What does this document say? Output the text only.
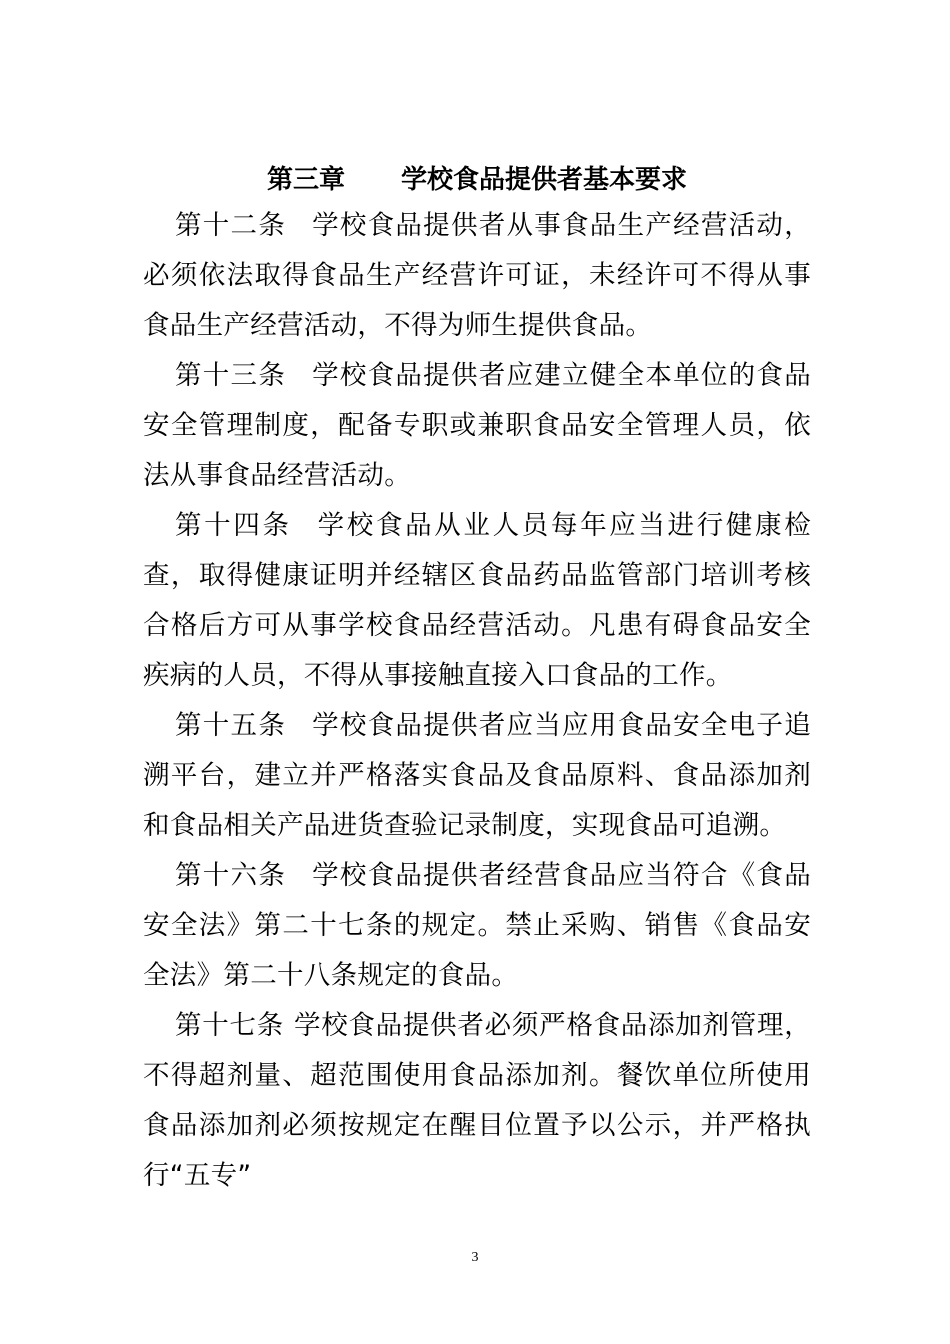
第三章 学校食品提供者基本要求

第十二条 学校食品提供者从事食品生产经营活动，必须依法取得食品生产经营许可证，未经许可不得从事食品生产经营活动，不得为师生提供食品。

第十三条 学校食品提供者应建立健全本单位的食品安全管理制度，配备专职或兼职食品安全管理人员，依法从事食品经营活动。

第十四条 学校食品从业人员每年应当进行健康检查，取得健康证明并经辖区食品药品监管部门培训考核合格后方可从事学校食品经营活动。凡患有碍食品安全疾病的人员，不得从事接触直接入口食品的工作。

第十五条 学校食品提供者应当应用食品安全电子追溯平台，建立并严格落实食品及食品原料、食品添加剂和食品相关产品进货查验记录制度，实现食品可追溯。

第十六条 学校食品提供者经营食品应当符合《食品安全法》第二十七条的规定。禁止采购、销售《食品安全法》第二十八条规定的食品。

第十七条 学校食品提供者必须严格食品添加剂管理，不得超剂量、超范围使用食品添加剂。餐饮单位所使用食品添加剂必须按规定在醒目位置予以公示，并严格执行“五专”

3
